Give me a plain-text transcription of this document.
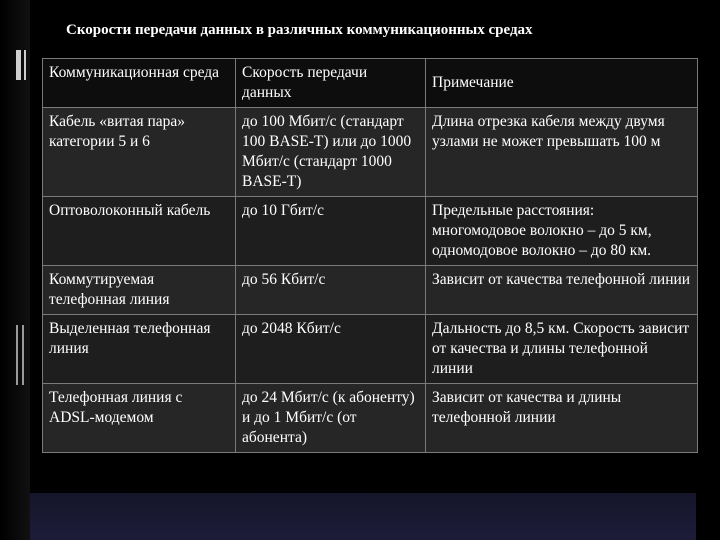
Скорости передачи данных в различных коммуникационных средах
Коммуникационная среда	Скорость передачи данных	Примечание
Кабель «витая пара» категории 5 и 6	до 100 Мбит/с (стандарт 100 BASE-T) или до 1000 Мбит/с (стандарт 1000 BASE-T)	Длина отрезка кабеля между двумя узлами не может превышать 100 м
Оптоволоконный кабель	до 10 Гбит/с	Предельные расстояния: многомодовое волокно – до 5 км, одномодовое волокно – до 80 км.
Коммутируемая телефонная линия	до 56 Кбит/с	Зависит от качества телефонной линии
Выделенная телефонная линия	до 2048 Кбит/с	Дальность до 8,5 км. Скорость зависит от качества и длины телефонной линии
Телефонная линия с ADSL-модемом	до 24 Мбит/с (к абоненту) и до 1 Мбит/с (от абонента)	Зависит от качества и длины телефонной линии
